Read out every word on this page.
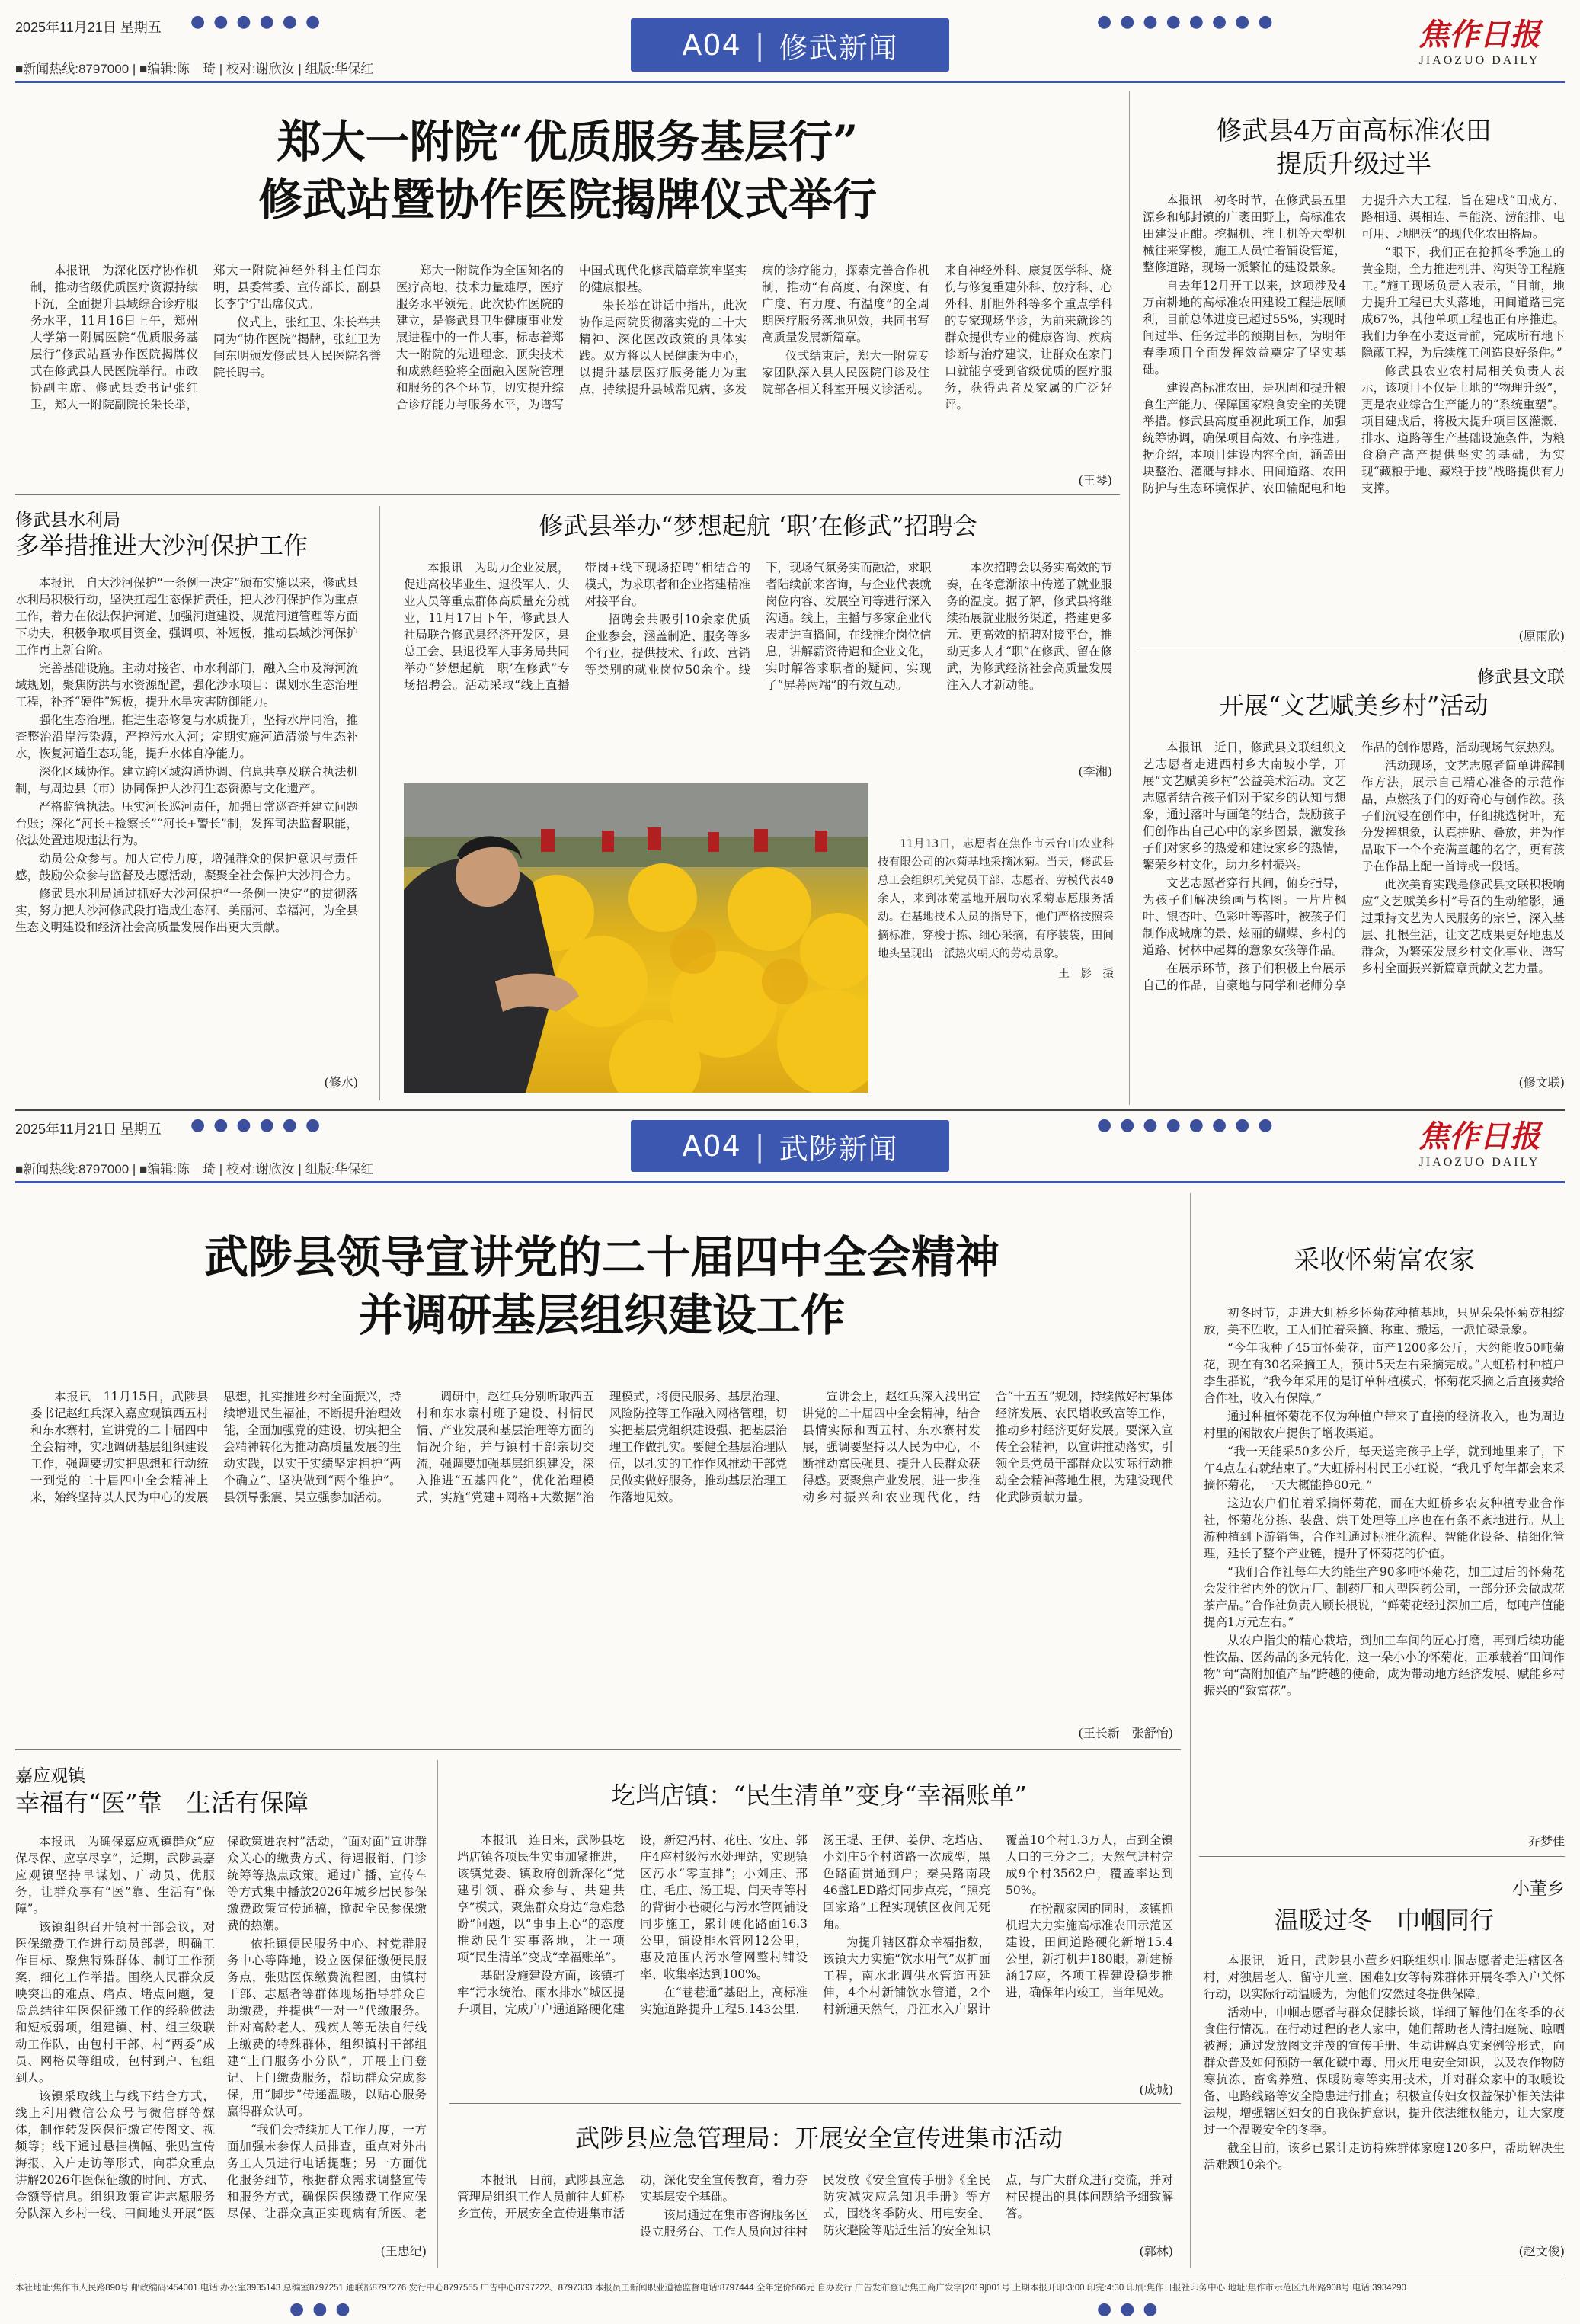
2025年11月21日 星期五 ● ● ● ● ● ●	● ● ● ● ● ● ● ●
■新闻热线:8797000 | ■编辑:陈　琦 | 校对:谢欣汝 | 组版:华保红
A04 | 修武新闻	焦作日报
JIAOZUO DAILY
郑大一附院“优质服务基层行”
修武站暨协作医院揭牌仪式举行

本报讯　为深化医疗协作机制，推动省级优质医疗资源持续下沉，全面提升县域综合诊疗服务水平，11月16日上午，郑州大学第一附属医院“优质服务基层行”修武站暨协作医院揭牌仪式在修武县人民医院举行。市政协副主席、修武县委书记张红卫，郑大一附院副院长朱长举，郑大一附院神经外科主任闫东明，县委常委、宣传部长、副县长李宁宁出席仪式。

仪式上，张红卫、朱长举共同为“协作医院”揭牌，张红卫为闫东明颁发修武县人民医院名誉院长聘书。

郑大一附院作为全国知名的医疗高地，技术力量雄厚，医疗服务水平领先。此次协作医院的建立，是修武县卫生健康事业发展进程中的一件大事，标志着郑大一附院的先进理念、顶尖技术和成熟经验将全面融入医院管理和服务的各个环节，切实提升综合诊疗能力与服务水平，为谱写中国式现代化修武篇章筑牢坚实的健康根基。

朱长举在讲话中指出，此次协作是两院贯彻落实党的二十大精神、深化医改政策的具体实践。双方将以人民健康为中心，以提升基层医疗服务能力为重点，持续提升县域常见病、多发病的诊疗能力，探索完善合作机制，推动“有高度、有深度、有广度、有力度、有温度”的全周期医疗服务落地见效，共同书写高质量发展新篇章。

仪式结束后，郑大一附院专家团队深入县人民医院门诊及住院部各相关科室开展义诊活动。来自神经外科、康复医学科、烧伤与修复重建外科、放疗科、心外科、肝胆外科等多个重点学科的专家现场坐诊，为前来就诊的群众提供专业的健康咨询、疾病诊断与治疗建议，让群众在家门口就能享受到省级优质的医疗服务，获得患者及家属的广泛好评。

(王琴)
修武县4万亩高标准农田
提质升级过半

本报讯　初冬时节，在修武县五里源乡和郇封镇的广袤田野上，高标准农田建设正酣。挖掘机、推土机等大型机械往来穿梭，施工人员忙着铺设管道，整修道路，现场一派繁忙的建设景象。

自去年12月开工以来，这项涉及4万亩耕地的高标准农田建设工程进展顺利，目前总体进度已超过55%，实现时间过半、任务过半的预期目标，为明年春季项目全面发挥效益奠定了坚实基础。

建设高标准农田，是巩固和提升粮食生产能力、保障国家粮食安全的关键举措。修武县高度重视此项工作，加强统筹协调，确保项目高效、有序推进。据介绍，本项目建设内容全面，涵盖田块整治、灌溉与排水、田间道路、农田防护与生态环境保护、农田输配电和地力提升六大工程，旨在建成“田成方、路相通、渠相连、旱能浇、涝能排、电可用、地肥沃”的现代化农田格局。

“眼下，我们正在抢抓冬季施工的黄金期，全力推进机井、沟渠等工程施工。”施工现场负责人表示，“目前，地力提升工程已大头落地，田间道路已完成67%，其他单项工程也正有序推进。我们力争在小麦返青前，完成所有地下隐蔽工程，为后续施工创造良好条件。”

修武县农业农村局相关负责人表示，该项目不仅是土地的“物理升级”，更是农业综合生产能力的“系统重塑”。项目建成后，将极大提升项目区灌溉、排水、道路等生产基础设施条件，为粮食稳产高产提供坚实的基础，为实现“藏粮于地、藏粮于技”战略提供有力支撑。

(原雨欣)
修武县文联
开展“文艺赋美乡村”活动

本报讯　近日，修武县文联组织文艺志愿者走进西村乡大南坡小学，开展“文艺赋美乡村”公益美术活动。文艺志愿者结合孩子们对于家乡的认知与想象，通过落叶与画笔的结合，鼓励孩子们创作出自己心中的家乡图景，激发孩子们对家乡的热爱和建设家乡的热情，繁荣乡村文化，助力乡村振兴。

文艺志愿者穿行其间，俯身指导，为孩子们解决绘画与构图。一片片枫叶、银杏叶、色彩叶等落叶，被孩子们制作成城廓的景、炫丽的蝴蝶、乡村的道路、树林中起舞的意象女孩等作品。

在展示环节，孩子们积极上台展示自己的作品，自豪地与同学和老师分享作品的创作思路，活动现场气氛热烈。

活动现场，文艺志愿者简单讲解制作方法，展示自己精心准备的示范作品，点燃孩子们的好奇心与创作欲。孩子们沉浸在创作中，仔细挑选树叶，充分发挥想象，认真拼贴、叠放，并为作品取下一个个充满童趣的名字，更有孩子在作品上配一首诗或一段话。

此次美育实践是修武县文联积极响应“文艺赋美乡村”号召的生动缩影，通过秉持文艺为人民服务的宗旨，深入基层、扎根生活，让文艺成果更好地惠及群众，为繁荣发展乡村文化事业、谱写乡村全面振兴新篇章贡献文艺力量。

(修文联)
修武县水利局
多举措推进大沙河保护工作

本报讯　自大沙河保护“一条例一决定”颁布实施以来，修武县水利局积极行动，坚决扛起生态保护责任，把大沙河保护作为重点工作，着力在依法保护河道、加强河道建设、规范河道管理等方面下功夫，积极争取项目资金，强调项、补短板，推动县域沙河保护工作再上新台阶。

完善基础设施。主动对接省、市水利部门，融入全市及海河流域规划，聚焦防洪与水资源配置，强化沙水项目：谋划水生态治理工程，补齐“硬件”短板，提升水旱灾害防御能力。

强化生态治理。推进生态修复与水质提升，坚持水岸同治，推查整治沿岸污染源，严控污水入河；定期实施河道清淤与生态补水，恢复河道生态功能，提升水体自净能力。

深化区域协作。建立跨区域沟通协调、信息共享及联合执法机制，与周边县（市）协同保护大沙河生态资源与文化遗产。

严格监管执法。压实河长巡河责任，加强日常巡查并建立问题台账；深化“河长+检察长”“河长+警长”制，发挥司法监督职能，依法处置违规违法行为。

动员公众参与。加大宣传力度，增强群众的保护意识与责任感，鼓励公众参与监督及志愿活动，凝聚全社会保护大沙河合力。

修武县水利局通过抓好大沙河保护“一条例一决定”的贯彻落实，努力把大沙河修武段打造成生态河、美丽河、幸福河，为全县生态文明建设和经济社会高质量发展作出更大贡献。

(修水)
修武县举办“梦想起航 ‘职’在修武”招聘会

本报讯　为助力企业发展，促进高校毕业生、退役军人、失业人员等重点群体高质量充分就业，11月17日下午，修武县人社局联合修武县经济开发区，县总工会、县退役军人事务局共同举办“梦想起航　职’在修武”专场招聘会。活动采取“线上直播带岗+线下现场招聘”相结合的模式，为求职者和企业搭建精准对接平台。

招聘会共吸引10余家优质企业参会，涵盖制造、服务等多个行业，提供技术、行政、营销等类别的就业岗位50余个。线下，现场气氛务实而融洽，求职者陆续前来咨询，与企业代表就岗位内容、发展空间等进行深入沟通。线上，主播与多家企业代表走进直播间，在线推介岗位信息，讲解薪资待遇和企业文化，实时解答求职者的疑问，实现了“屏幕两端”的有效互动。

本次招聘会以务实高效的节奏，在冬意渐浓中传递了就业服务的温度。据了解，修武县将继续拓展就业服务渠道，搭建更多元、更高效的招聘对接平台，推动更多人才“职”在修武、留在修武，为修武经济社会高质量发展注入人才新动能。

(李湘)
11月13日，志愿者在焦作市云台山农业科技有限公司的冰菊基地采摘冰菊。当天，修武县总工会组织机关党员干部、志愿者、劳模代表40余人，来到冰菊基地开展助农采菊志愿服务活动。在基地技术人员的指导下，他们严格按照采摘标准，穿梭于拣、细心采摘，有序装袋，田间地头呈现出一派热火朝天的劳动景象。
王　影　摄
2025年11月21日 星期五 ● ● ● ● ● ●	● ● ● ● ● ● ● ●
■新闻热线:8797000 | ■编辑:陈　琦 | 校对:谢欣汝 | 组版:华保红
A04 | 武陟新闻	焦作日报
JIAOZUO DAILY
武陟县领导宣讲党的二十届四中全会精神
并调研基层组织建设工作

本报讯　11月15日，武陟县委书记赵红兵深入嘉应观镇西五村和东水寨村，宣讲党的二十届四中全会精神，实地调研基层组织建设工作，强调要切实把思想和行动统一到党的二十届四中全会精神上来，始终坚持以人民为中心的发展思想，扎实推进乡村全面振兴，持续增进民生福祉，不断提升治理效能，全面加强党的建设，切实把全会精神转化为推动高质量发展的生动实践，以实干实绩坚定拥护“两个确立”、坚决做到“两个维护”。县领导张震、吴立强参加活动。

调研中，赵红兵分别听取西五村和东水寨村班子建设、村情民情、产业发展和基层治理等方面的情况介绍，并与镇村干部亲切交流，强调要加强基层组织建设，深入推进“五基四化”，优化治理模式，实施“党建+网格+大数据”治理模式，将便民服务、基层治理、风险防控等工作融入网格管理，切实把基层党组织建设强、把基层治理工作做扎实。要健全基层治理队伍，以扎实的工作作风推动干部党员做实做好服务，推动基层治理工作落地见效。

宣讲会上，赵红兵深入浅出宣讲党的二十届四中全会精神，结合县情实际和西五村、东水寨村发展，强调要坚持以人民为中心，不断推动富民强县、提升人民群众获得感。要聚焦产业发展，进一步推动乡村振兴和农业现代化，结合“十五五”规划，持续做好村集体经济发展、农民增收致富等工作，推动乡村经济更好发展。要深入宣传全会精神，以宣讲推动落实，引领全县党员干部群众以实际行动推动全会精神落地生根，为建设现代化武陟贡献力量。

(王长新　张舒怡)
采收怀菊富农家

初冬时节，走进大虹桥乡怀菊花种植基地，只见朵朵怀菊竞相绽放，美不胜收，工人们忙着采摘、称重、搬运，一派忙碌景象。

“今年我种了45亩怀菊花，亩产1200多公斤，大约能收50吨菊花，现在有30名采摘工人，预计5天左右采摘完成。”大虹桥村种植户李生群说，“我今年采用的是订单种植模式，怀菊花采摘之后直接卖给合作社，收入有保障。”

通过种植怀菊花不仅为种植户带来了直接的经济收入，也为周边村里的闲散农户提供了增收渠道。

“我一天能采50多公斤，每天送完孩子上学，就到地里来了，下午4点左右就结束了。”大虹桥村村民王小红说，“我几乎每年都会来采摘怀菊花，一天大概能挣80元。”

这边农户们忙着采摘怀菊花，而在大虹桥乡农友种植专业合作社，怀菊花分拣、装盘、烘干处理等工序也在有条不紊地进行。从上游种植到下游销售，合作社通过标准化流程、智能化设备、精细化管理，延长了整个产业链，提升了怀菊花的价值。

“我们合作社每年大约能生产90多吨怀菊花，加工过后的怀菊花会发往省内外的饮片厂、制药厂和大型医药公司，一部分还会做成花茶产品。”合作社负责人顾长根说，“鲜菊花经过深加工后，每吨产值能提高1万元左右。”

从农户指尖的精心栽培，到加工车间的匠心打磨，再到后续功能性饮品、医药品的多元转化，这一朵小小的怀菊花，正承载着“田间作物”向“高附加值产品”跨越的使命，成为带动地方经济发展、赋能乡村振兴的“致富花”。

乔梦佳
小董乡
温暖过冬　巾帼同行

本报讯　近日，武陟县小董乡妇联组织巾帼志愿者走进辖区各村，对独居老人、留守儿童、困难妇女等特殊群体开展冬季入户关怀行动，以实际行动温暖为，为他们安然过冬提供保障。

活动中，巾帼志愿者与群众促膝长谈，详细了解他们在冬季的衣食住行情况。在行动过程的老人家中，她们帮助老人清扫庭院、晾晒被褥；通过发放图文并茂的宣传手册、生动讲解真实案例等形式，向群众普及如何预防一氧化碳中毒、用火用电安全知识，以及农作物防寒抗冻、畜禽养殖、保暖防寒等实用技术，并对群众家中的取暖设备、电路线路等安全隐患进行排查；积极宣传妇女权益保护相关法律法规，增强辖区妇女的自我保护意识，提升依法维权能力，让大家度过一个温暖安全的冬季。

截至目前，该乡已累计走访特殊群体家庭120多户，帮助解决生活难题10余个。

(赵文俊)
嘉应观镇
幸福有“医”靠　生活有保障

本报讯　为确保嘉应观镇群众“应保尽保、应享尽享”，近期，武陟县嘉应观镇坚持早谋划、广动员、优服务，让群众享有“医”靠、生活有“保障”。

该镇组织召开镇村干部会议，对医保缴费工作进行动员部署，明确工作目标、聚焦特殊群体、制订工作预案，细化工作举措。围绕人民群众反映突出的难点、痛点、堵点问题，复盘总结往年医保征缴工作的经验做法和短板弱项，组建镇、村、组三级联动工作队，由包村干部、村“两委”成员、网格员等组成，包村到户、包组到人。

该镇采取线上与线下结合方式，线上利用微信公众号与微信群等媒体，制作转发医保征缴宣传图文、视频等；线下通过悬挂横幅、张贴宣传海报、入户走访等形式，向群众重点讲解2026年医保征缴的时间、方式、金额等信息。组织政策宣讲志愿服务分队深入乡村一线、田间地头开展“医保政策进农村”活动，“面对面”宣讲群众关心的缴费方式、待遇报销、门诊统筹等热点政策。通过广播、宣传车等方式集中播放2026年城乡居民参保缴费政策宣传通稿，掀起全民参保缴费的热潮。

依托镇便民服务中心、村党群服务中心等阵地，设立医保征缴便民服务点，张贴医保缴费流程图，由镇村干部、志愿者等群体现场指导群众自助缴费，并提供“一对一”代缴服务。针对高龄老人、残疾人等无法自行线上缴费的特殊群体，组织镇村干部组建“上门服务小分队”，开展上门登记、上门缴费服务，帮助群众完成参保，用“脚步”传递温暖，以贴心服务赢得群众认可。

“我们会持续加大工作力度，一方面加强未参保人员排查，重点对外出务工人员进行电话提醒；另一方面优化服务细节，根据群众需求调整宣传和服务方式，确保医保缴费工作应保尽保、让群众真正实现病有所医、老

(王忠纪)
圪垱店镇：“民生清单”变身“幸福账单”

本报讯　连日来，武陟县圪垱店镇各项民生实事加紧推进，该镇党委、镇政府创新深化“党建引领、群众参与、共建共享”模式，聚焦群众身边“急难愁盼”问题，以“事事上心”的态度推动民生实事落地，让一项项“民生清单”变成“幸福账单”。

基础设施建设方面，该镇打牢“污水统治、雨水排水”城区提升项目，完成户户通道路硬化建设，新建冯村、花庄、安庄、郭庄4座村级污水处理站，实现镇区污水“零直排”；小刘庄、邢庄、毛庄、汤王堤、闫天寺等村的背街小巷硬化与污水管网铺设同步施工，累计硬化路面16.3公里，铺设排水管网12公里，惠及范围内污水管网整村铺设率、收集率达到100%。

在“巷巷通”基础上，高标准实施道路提升工程5.143公里，汤王堤、王伊、姜伊、圪垱店、小刘庄5个村道路一次成型，黑色路面贯通到户；秦吴路南段46盏LED路灯同步点亮，“照亮回家路”工程实现镇区夜间无死角。

为提升辖区群众幸福指数，该镇大力实施“饮水用气”双扩面工程，南水北调供水管道再延伸，4个村新铺饮水管道，2个村新通天然气，丹江水入户累计覆盖10个村1.3万人，占到全镇人口的三分之二；天然气进村完成9个村3562户，覆盖率达到50%。

在扮靓家园的同时，该镇抓机遇大力实施高标准农田示范区建设，田间道路硬化新增15.4公里，新打机井180眼，新建桥涵17座，各项工程建设稳步推进，确保年内竣工，当年见效。

(成城)
武陟县应急管理局：开展安全宣传进集市活动

本报讯　日前，武陟县应急管理局组织工作人员前往大虹桥乡宣传，开展安全宣传进集市活动，深化安全宣传教育，着力夯实基层安全基础。

该局通过在集市咨询服务区设立服务台、工作人员向过往村民发放《安全宣传手册》《全民防灾减灾应急知识手册》等方式，围绕冬季防火、用电安全、防灾避险等贴近生活的安全知识点，与广大群众进行交流，并对村民提出的具体问题给予细致解答。

(郭林)
本社地址:焦作市人民路890号 邮政编码:454001 电话:办公室3935143 总编室8797251 通联部8797276 发行中心8797555 广告中心8797222、8797333 本报员工新闻职业道德监督电话:8797444 全年定价666元 自办发行 广告发布登记:焦工商广发字[2019]001号 上期本报开印:3:00 印完:4:30 印刷:焦作日报社印务中心 地址:焦作市示范区九州路908号 电话:3934290
● ● ●	● ● ●
